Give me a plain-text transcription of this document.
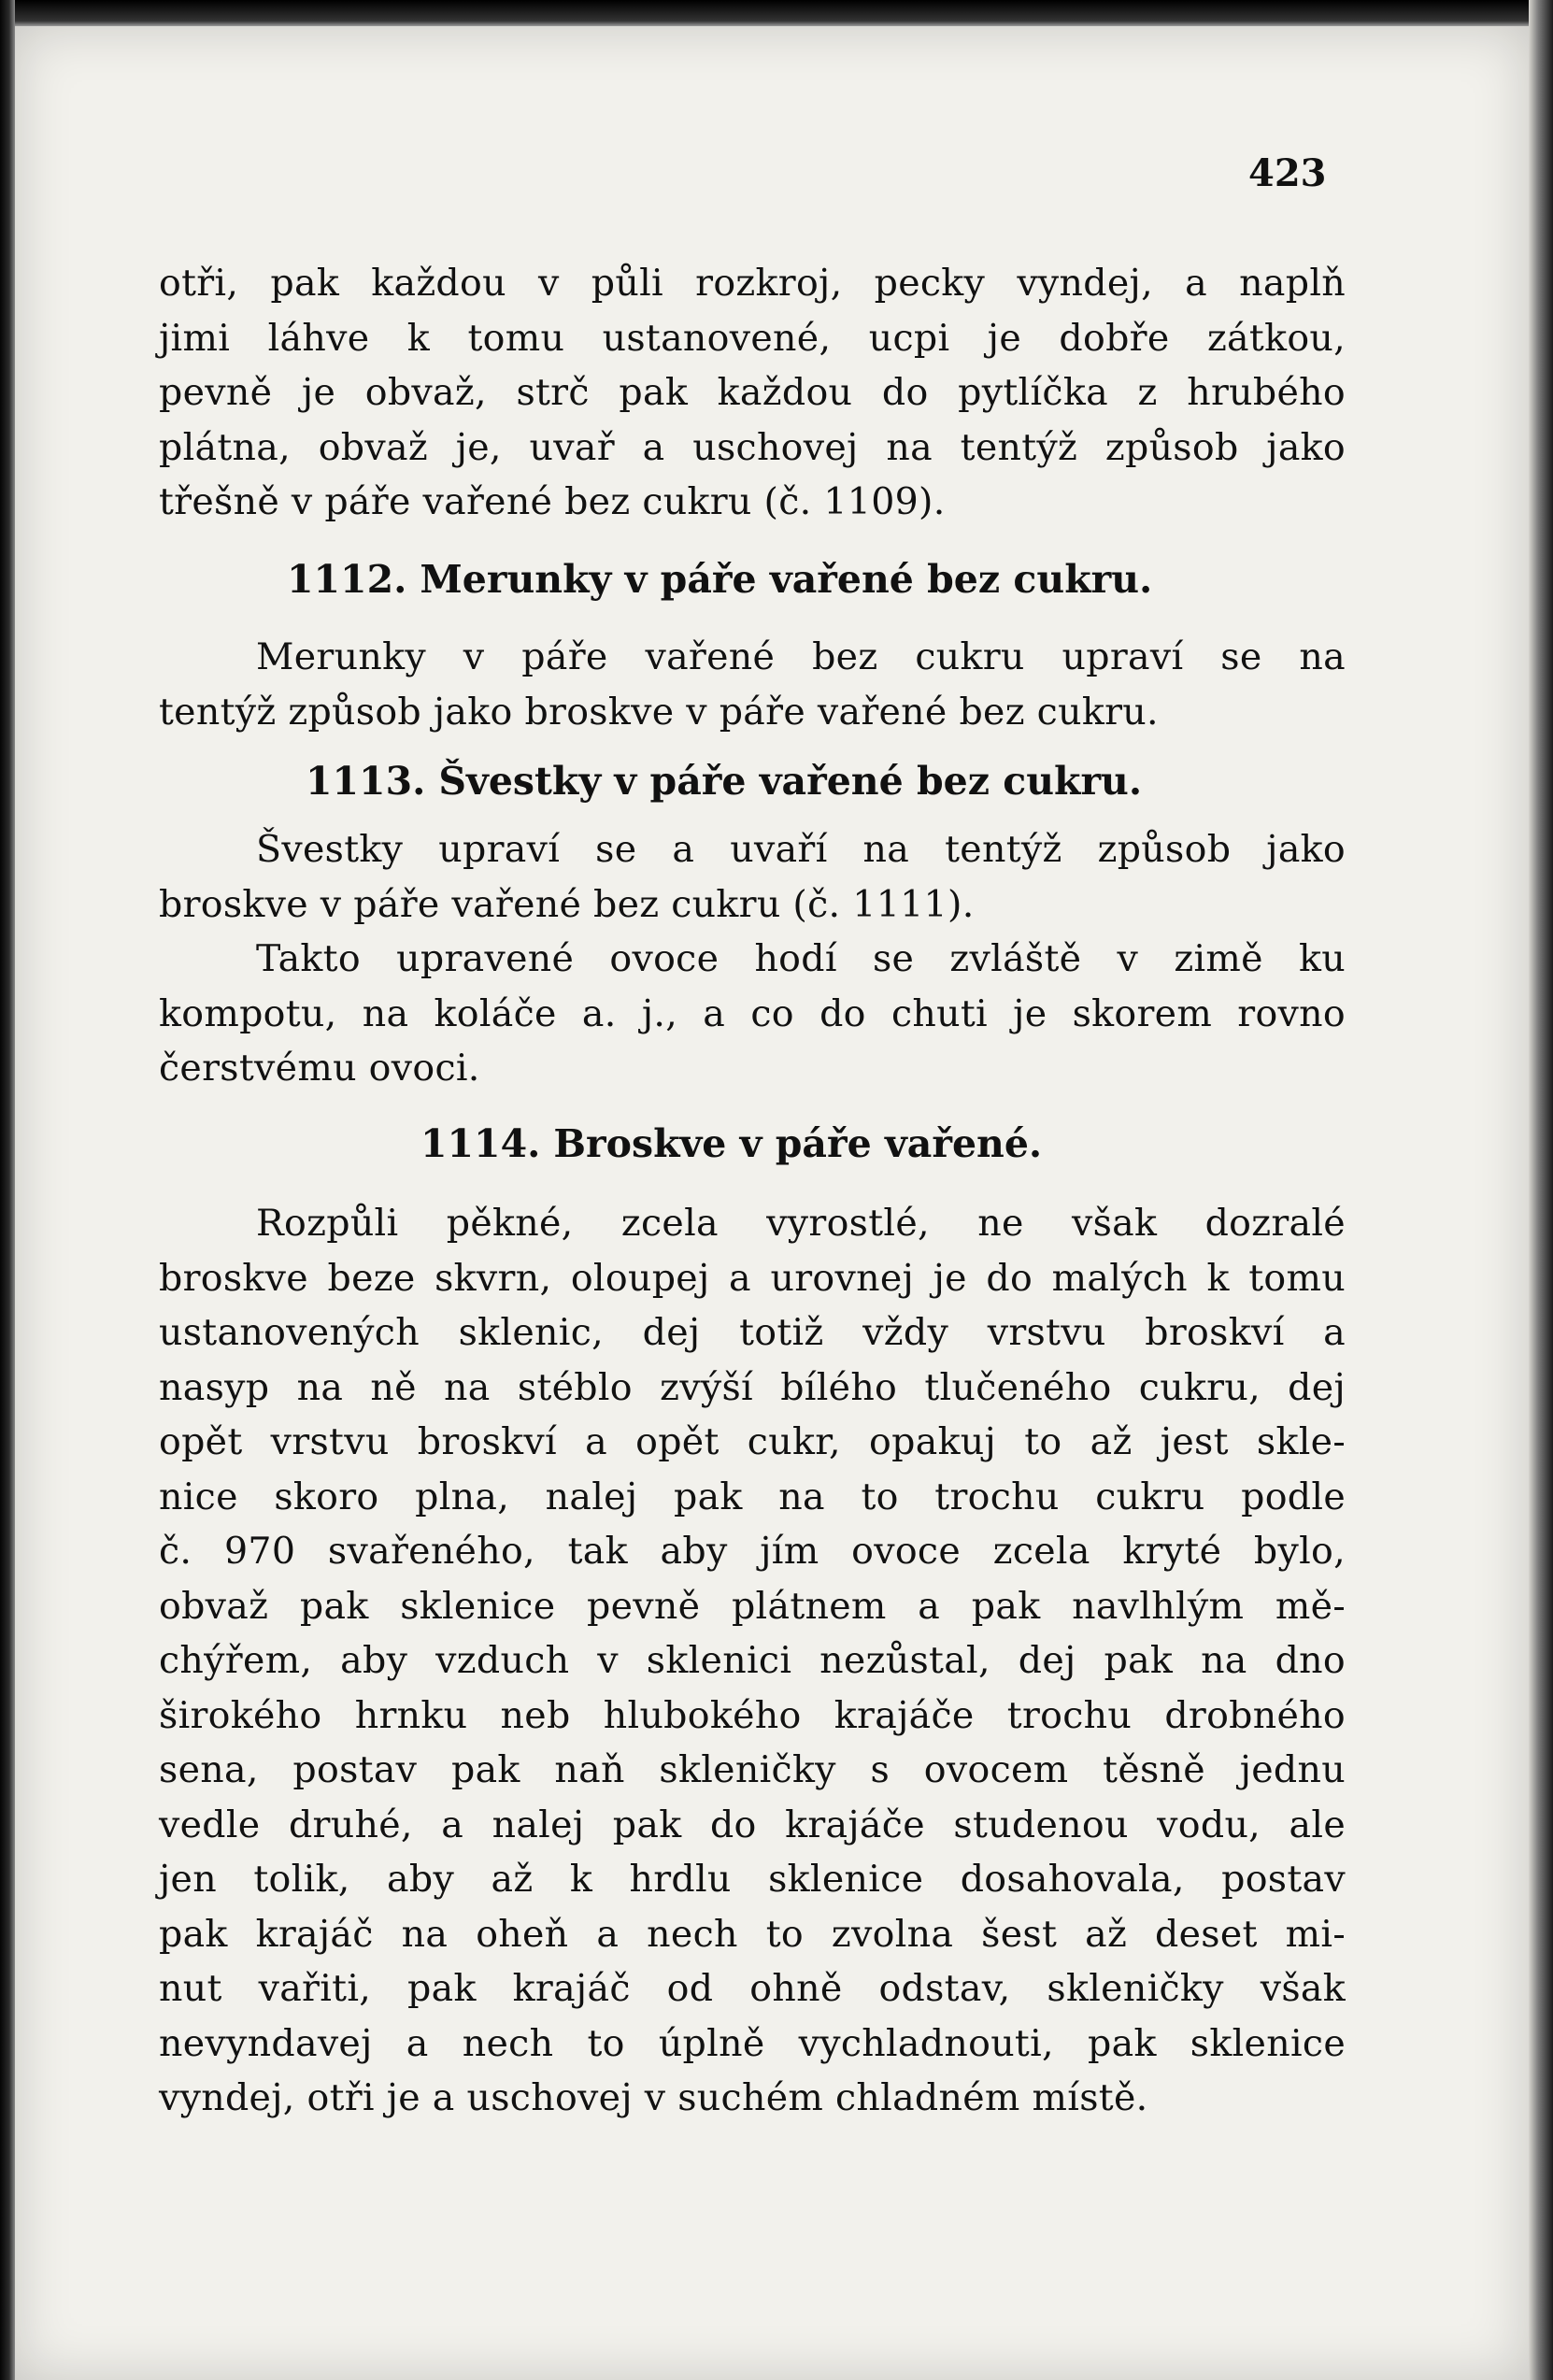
423
otři, pak každou v půli rozkroj, pecky vyndej, a naplň
jimi láhve k tomu ustanovené, ucpi je dobře zátkou,
pevně je obvaž, strč pak každou do pytlíčka z hrubého
plátna, obvaž je, uvař a uschovej na tentýž způsob jako
třešně v páře vařené bez cukru (č. 1109).
1112. Merunky v páře vařené bez cukru.
Merunky v páře vařené bez cukru upraví se na
tentýž způsob jako broskve v páře vařené bez cukru.
1113. Švestky v páře vařené bez cukru.
Švestky upraví se a uvaří na tentýž způsob jako
broskve v páře vařené bez cukru (č. 1111).
Takto upravené ovoce hodí se zvláště v zimě ku
kompotu, na koláče a. j., a co do chuti je skorem rovno
čerstvému ovoci.
1114. Broskve v páře vařené.
Rozpůli pěkné, zcela vyrostlé, ne však dozralé
broskve beze skvrn, oloupej a urovnej je do malých k tomu
ustanovených sklenic, dej totiž vždy vrstvu broskví a
nasyp na ně na stéblo zvýší bílého tlučeného cukru, dej
opět vrstvu broskví a opět cukr, opakuj to až jest skle-
nice skoro plna, nalej pak na to trochu cukru podle
č. 970 svařeného, tak aby jím ovoce zcela kryté bylo,
obvaž pak sklenice pevně plátnem a pak navlhlým mě-
chýřem, aby vzduch v sklenici nezůstal, dej pak na dno
širokého hrnku neb hlubokého krajáče trochu drobného
sena, postav pak naň skleničky s ovocem těsně jednu
vedle druhé, a nalej pak do krajáče studenou vodu, ale
jen tolik, aby až k hrdlu sklenice dosahovala, postav
pak krajáč na oheň a nech to zvolna šest až deset mi-
nut vařiti, pak krajáč od ohně odstav, skleničky však
nevyndavej a nech to úplně vychladnouti, pak sklenice
vyndej, otři je a uschovej v suchém chladném místě.
